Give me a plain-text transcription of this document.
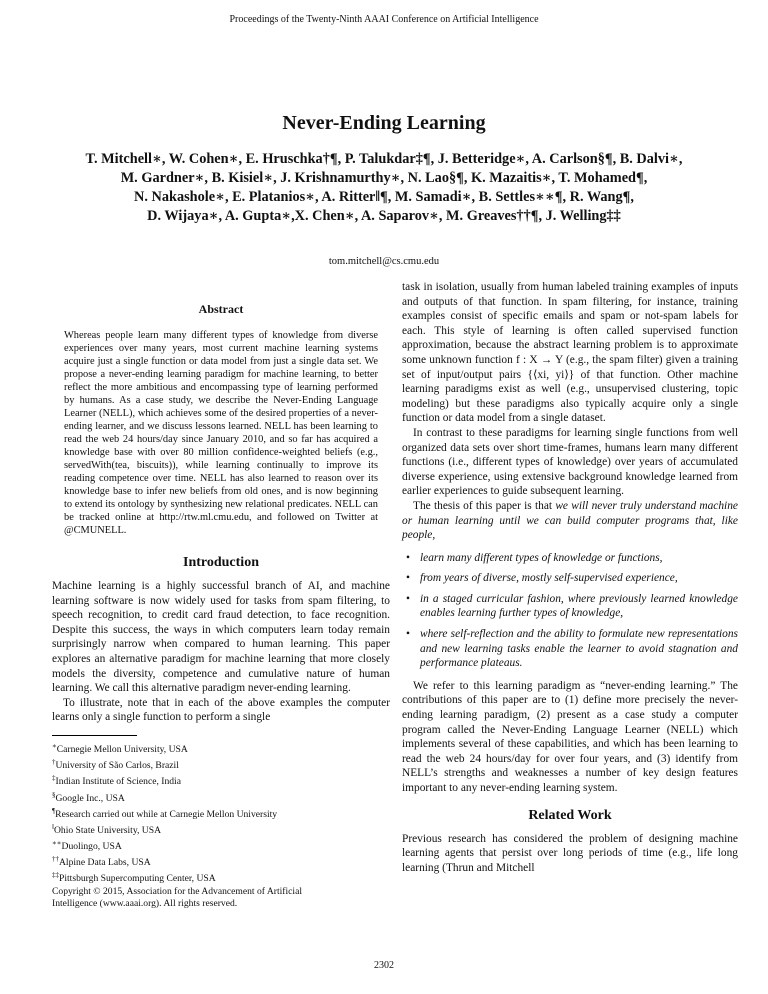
Proceedings of the Twenty-Ninth AAAI Conference on Artificial Intelligence
Never-Ending Learning
T. Mitchell∗, W. Cohen∗, E. Hruschka†¶, P. Talukdar‡¶, J. Betteridge∗, A. Carlson§¶, B. Dalvi∗,
M. Gardner∗, B. Kisiel∗, J. Krishnamurthy∗, N. Lao§¶, K. Mazaitis∗, T. Mohamed¶,
N. Nakashole∗, E. Platanios∗, A. Ritter‖¶, M. Samadi∗, B. Settles∗∗¶, R. Wang¶,
D. Wijaya∗, A. Gupta∗,X. Chen∗, A. Saparov∗, M. Greaves††¶, J. Welling‡‡
tom.mitchell@cs.cmu.edu
Abstract
Whereas people learn many different types of knowledge from diverse experiences over many years, most current machine learning systems acquire just a single function or data model from just a single data set. We propose a never-ending learning paradigm for machine learning, to better reflect the more ambitious and encompassing type of learning performed by humans. As a case study, we describe the Never-Ending Language Learner (NELL), which achieves some of the desired properties of a never-ending learner, and we discuss lessons learned. NELL has been learning to read the web 24 hours/day since January 2010, and so far has acquired a knowledge base with over 80 million confidence-weighted beliefs (e.g., servedWith(tea, biscuits)), while learning continually to improve its reading competence over time. NELL has also learned to reason over its knowledge base to infer new beliefs from old ones, and is now beginning to extend its ontology by synthesizing new relational predicates. NELL can be tracked online at http://rtw.ml.cmu.edu, and followed on Twitter at @CMUNELL.
Introduction

Machine learning is a highly successful branch of AI, and machine learning software is now widely used for tasks from spam filtering, to speech recognition, to credit card fraud detection, to face recognition. Despite this success, the ways in which computers learn today remain surprisingly narrow when compared to human learning. This paper explores an alternative paradigm for machine learning that more closely models the diversity, competence and cumulative nature of human learning. We call this alternative paradigm never-ending learning.

To illustrate, note that in each of the above examples the computer learns only a single function to perform a single

∗Carnegie Mellon University, USA
†University of São Carlos, Brazil
‡Indian Institute of Science, India
§Google Inc., USA
¶Research carried out while at Carnegie Mellon University
‖Ohio State University, USA
∗∗Duolingo, USA
††Alpine Data Labs, USA
‡‡Pittsburgh Supercomputing Center, USA
Copyright © 2015, Association for the Advancement of Artificial
Intelligence (www.aaai.org). All rights reserved.

task in isolation, usually from human labeled training examples of inputs and outputs of that function. In spam filtering, for instance, training examples consist of specific emails and spam or not-spam labels for each. This style of learning is often called supervised function approximation, because the abstract learning problem is to approximate some unknown function f : X → Y (e.g., the spam filter) given a training set of input/output pairs {⟨xi, yi⟩} of that function. Other machine learning paradigms exist as well (e.g., unsupervised clustering, topic modeling) but these paradigms also typically acquire only a single function or data model from a single dataset.

In contrast to these paradigms for learning single functions from well organized data sets over short time-frames, humans learn many different functions (i.e., different types of knowledge) over years of accumulated diverse experience, using extensive background knowledge learned from earlier experiences to guide subsequent learning.

The thesis of this paper is that we will never truly understand machine or human learning until we can build computer programs that, like people,

• learn many different types of knowledge or functions,
• from years of diverse, mostly self-supervised experience,
• in a staged curricular fashion, where previously learned knowledge enables learning further types of knowledge,
• where self-reflection and the ability to formulate new representations and new learning tasks enable the learner to avoid stagnation and performance plateaus.

We refer to this learning paradigm as “never-ending learning.” The contributions of this paper are to (1) define more precisely the never-ending learning paradigm, (2) present as a case study a computer program called the Never-Ending Language Learner (NELL) which implements several of these capabilities, and which has been learning to read the web 24 hours/day for over four years, and (3) identify from NELL’s strengths and weaknesses a number of key design features important to any never-ending learning system.

Related Work

Previous research has considered the problem of designing machine learning agents that persist over long periods of time (e.g., life long learning (Thrun and Mitchell

2302
